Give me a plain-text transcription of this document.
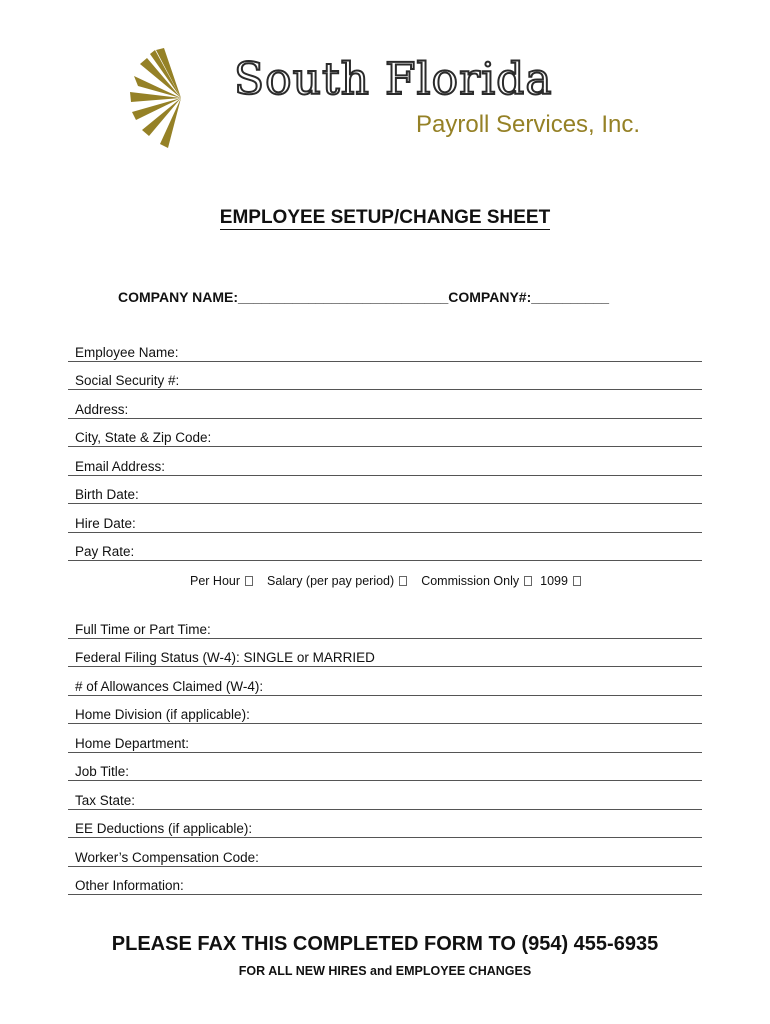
South Florida
Payroll Services, Inc.
EMPLOYEE SETUP/CHANGE SHEET
COMPANY NAME:___________________________COMPANY#:__________
Employee Name:
Social Security #:
Address:
City, State & Zip Code:
Email Address:
Birth Date:
Hire Date:
Pay Rate:
Per Hour Salary (per pay period) Commission Only 1099
Full Time or Part Time:
Federal Filing Status (W-4): SINGLE or MARRIED
# of Allowances Claimed (W-4):
Home Division (if applicable):
Home Department:
Job Title:
Tax State:
EE Deductions (if applicable):
Worker’s Compensation Code:
Other Information:
PLEASE FAX THIS COMPLETED FORM TO (954) 455-6935
FOR ALL NEW HIRES and EMPLOYEE CHANGES
